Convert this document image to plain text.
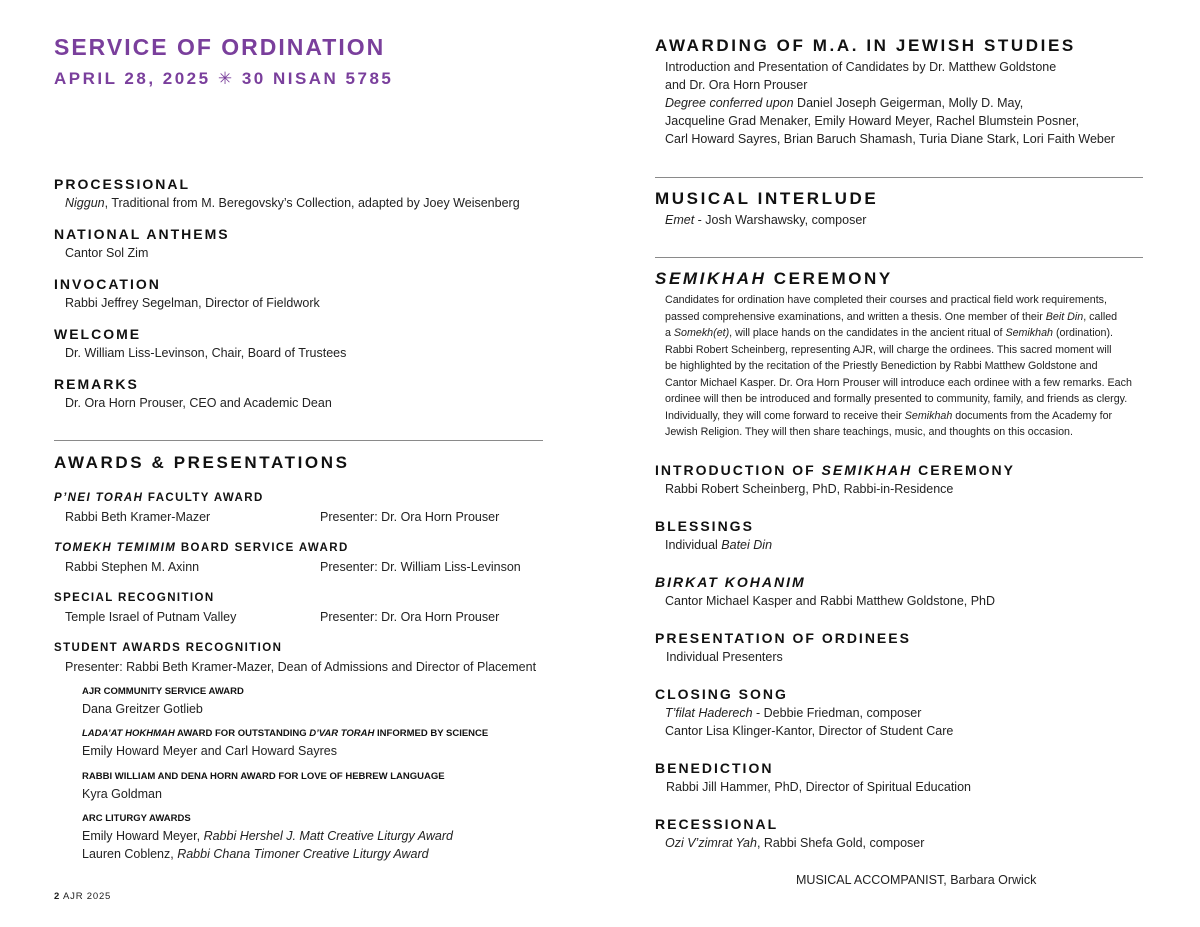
SERVICE OF ORDINATION
APRIL 28, 2025 ✳ 30 NISAN 5785
PROCESSIONAL
Niggun, Traditional from M. Beregovsky’s Collection, adapted by Joey Weisenberg
NATIONAL ANTHEMS
Cantor Sol Zim
INVOCATION
Rabbi Jeffrey Segelman, Director of Fieldwork
WELCOME
Dr. William Liss-Levinson, Chair, Board of Trustees
REMARKS
Dr. Ora Horn Prouser, CEO and Academic Dean
AWARDS & PRESENTATIONS
P’NEI TORAH FACULTY AWARD
Rabbi Beth Kramer-Mazer	Presenter: Dr. Ora Horn Prouser
TOMEKH TEMIMIM BOARD SERVICE AWARD
Rabbi Stephen M. Axinn	Presenter: Dr. William Liss-Levinson
SPECIAL RECOGNITION
Temple Israel of Putnam Valley	Presenter: Dr. Ora Horn Prouser
STUDENT AWARDS RECOGNITION
Presenter: Rabbi Beth Kramer-Mazer, Dean of Admissions and Director of Placement
AJR COMMUNITY SERVICE AWARD
Dana Greitzer Gotlieb
LADA’AT HOKHMAH AWARD FOR OUTSTANDING D’VAR TORAH INFORMED BY SCIENCE
Emily Howard Meyer and Carl Howard Sayres
RABBI WILLIAM AND DENA HORN AWARD FOR LOVE OF HEBREW LANGUAGE
Kyra Goldman
ARC LITURGY AWARDS
Emily Howard Meyer, Rabbi Hershel J. Matt Creative Liturgy Award
Lauren Coblenz, Rabbi Chana Timoner Creative Liturgy Award
2 AJR 2025
AWARDING OF M.A. IN JEWISH STUDIES
Introduction and Presentation of Candidates by Dr. Matthew Goldstone
and Dr. Ora Horn Prouser
Degree conferred upon Daniel Joseph Geigerman, Molly D. May,
Jacqueline Grad Menaker, Emily Howard Meyer, Rachel Blumstein Posner,
Carl Howard Sayres, Brian Baruch Shamash, Turia Diane Stark, Lori Faith Weber
MUSICAL INTERLUDE
Emet - Josh Warshawsky, composer
SEMIKHAH CEREMONY
Candidates for ordination have completed their courses and practical field work requirements,
passed comprehensive examinations, and written a thesis. One member of their Beit Din, called
a Somekh(et), will place hands on the candidates in the ancient ritual of Semikhah (ordination).
Rabbi Robert Scheinberg, representing AJR, will charge the ordinees. This sacred moment will
be highlighted by the recitation of the Priestly Benediction by Rabbi Matthew Goldstone and
Cantor Michael Kasper. Dr. Ora Horn Prouser will introduce each ordinee with a few remarks. Each
ordinee will then be introduced and formally presented to community, family, and friends as clergy.
Individually, they will come forward to receive their Semikhah documents from the Academy for
Jewish Religion. They will then share teachings, music, and thoughts on this occasion.
INTRODUCTION OF SEMIKHAH CEREMONY
Rabbi Robert Scheinberg, PhD, Rabbi-in-Residence
BLESSINGS
Individual Batei Din
BIRKAT KOHANIM
Cantor Michael Kasper and Rabbi Matthew Goldstone, PhD
PRESENTATION OF ORDINEES
Individual Presenters
CLOSING SONG
T’filat Haderech - Debbie Friedman, composer
Cantor Lisa Klinger-Kantor, Director of Student Care
BENEDICTION
Rabbi Jill Hammer, PhD, Director of Spiritual Education
RECESSIONAL
Ozi V’zimrat Yah, Rabbi Shefa Gold, composer
MUSICAL ACCOMPANIST, Barbara Orwick
